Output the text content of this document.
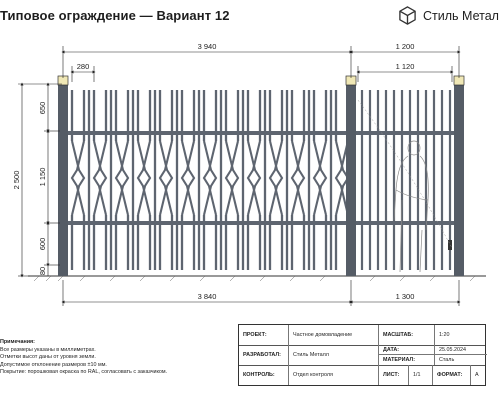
Типовое ограждение — Вариант 12	Стиль Метал
3 940	1 200
280	1 120
3 840	1 300
2 500
650
1 150
600
80
Примечания:
Все размеры указаны в миллиметрах.
Отметки высот даны от уровня земли.
Допустимое отклонение размеров ±10 мм.
Покрытие: порошковая окраска по RAL, согласовать с заказчиком.
ПРОЕКТ:	Частное домовладение	МАСШТАБ:	1:20
РАЗРАБОТАЛ:	Стиль Металл
ДАТА:	25.05.2024
МАТЕРИАЛ:	Сталь
КОНТРОЛЬ:	Отдел контроля	ЛИСТ:	1/1	ФОРМАТ:	A
